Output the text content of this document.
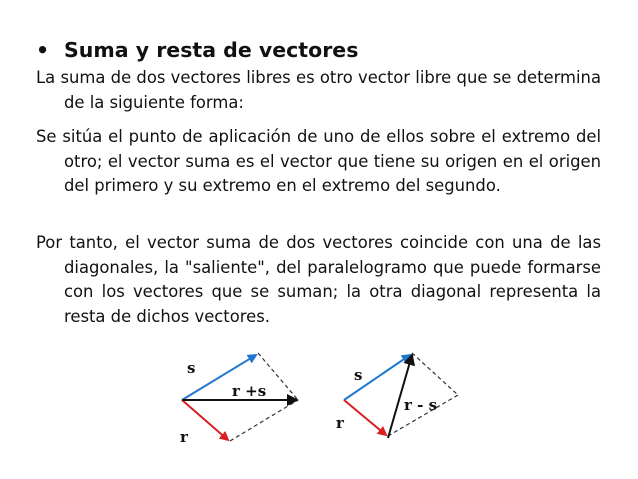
• Suma y resta de vectores
La suma de dos vectores libres es otro vector libre que se determina de la siguiente forma:
Se sitúa el punto de aplicación de uno de ellos sobre el extremo del otro; el vector suma es el vector que tiene su origen en el origen del primero y su extremo en el extremo del segundo.
Por tanto, el vector suma de dos vectores coincide con una de las diagonales, la "saliente", del paralelogramo que puede formarse con los vectores que se suman; la otra diagonal representa la resta de dichos vectores.
s
r
r +s
s
r
r - s
